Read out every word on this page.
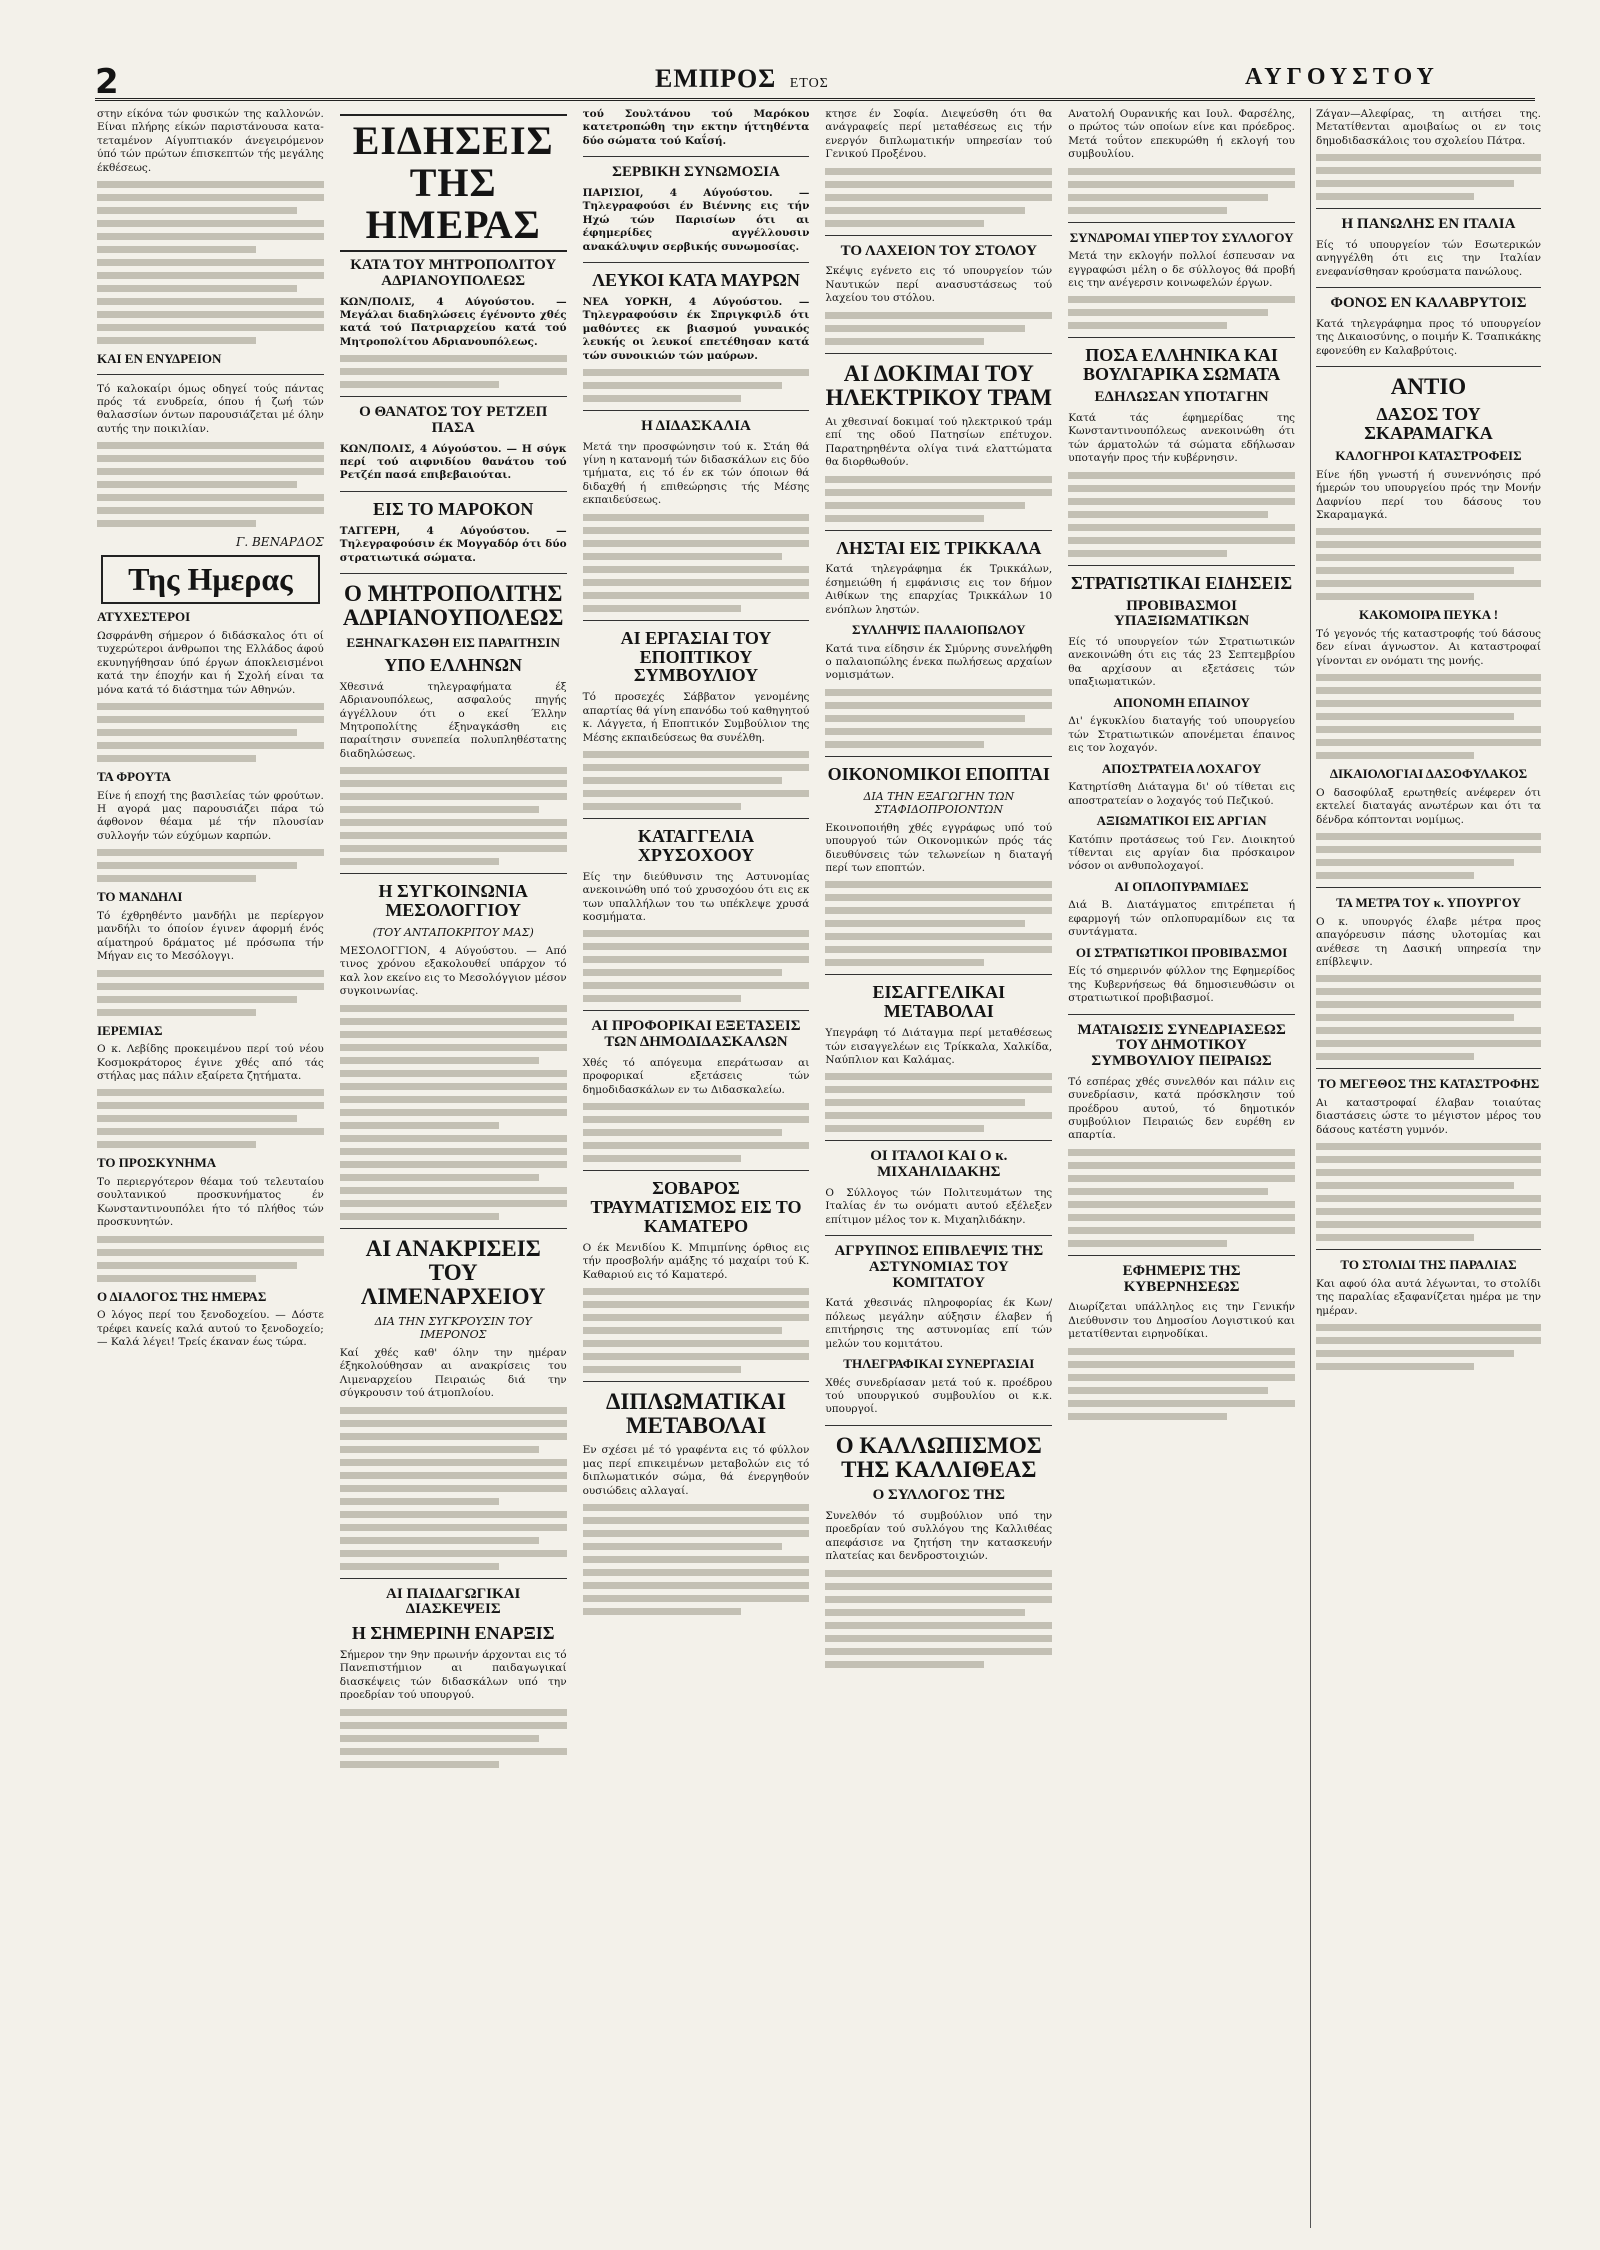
2	ΕΜΠΡΟΣ ΕΤΟΣ	ΑΥΓΟΥΣΤΟΥ

στην είκόνα τών φυσικών της καλλονών. Είναι πλήρης είκών παριστάνουσα κατα-τεταμένον Αίγυπτιακόν άνεγειρόμενον ύπό τών πρώτων έπισκεπτών τής μεγάλης έκθέσεως.

ΚΑΙ ΕΝ ΕΝΥΔΡΕΙΟΝ

Τό καλοκαίρι όμως οδηγεί τούς πάντας πρός τά ενυδρεία, όπου ή ζωή τών θαλασσίων όντων παρουσιάζεται μέ όλην αυτής την ποικιλίαν.

Γ. ΒΕΝΑΡΔΟΣ
Της Ημερας
ΑΤΥΧΕΣΤΕΡΟΙ

Ωσφράνθη σήμερον ό διδάσκαλος ότι οί τυχερώτεροι άνθρωποι της Ελλάδος άφού εκυνηγήθησαν ύπό έργων άποκλεισμένοι κατά την έποχήν και ή Σχολή είναι τα μόνα κατά τό διάστημα τών Αθηνών.

ΤΑ ΦΡΟΥΤΑ

Είνε ή εποχή της βασιλείας τών φρούτων. Η αγορά μας παρουσιάζει πάρα τώ άφθονον θέαμα μέ τήν πλουσίαν συλλογήν τών εύχύμων καρπών.

ΤΟ ΜΑΝΔΗΛΙ

Τό έχθρηθέντο μανδήλι με περίεργον μανδήλι το όποίον έγινεν άφορμή ένός αίματηρού δράματος μέ πρόσωπα τήν Μήγαν εις το Μεσόλογγι.

ΙΕΡΕΜΙΑΣ

Ο κ. Λεβίδης προκειμένου περί τού νέου Κοσμοκράτορος έγινε χθές από τάς στήλας μας πάλιν εξαίρετα ζητήματα.

ΤΟ ΠΡΟΣΚΥΝΗΜΑ

Το περιεργότερον θέαμα τού τελευταίου σουλτανικού προσκυνήματος έν Κωνσταντινουπόλει ήτο τό πλήθος τών προσκυνητών.

Ο ΔΙΑΛΟΓΟΣ ΤΗΣ ΗΜΕΡΑΣ

Ο λόγος περί του ξενοδοχείου. — Δόστε τρέφει κανείς καλά αυτού το ξενοδοχείο; — Καλά λέγει! Τρείς έκαναν έως τώρα.

ΕΙΔΗΣΕΙΣ ΤΗΣ ΗΜΕΡΑΣ
ΚΑΤΑ ΤΟΥ ΜΗΤΡΟΠΟΛΙΤΟΥ ΑΔΡΙΑΝΟΥΠΟΛΕΩΣ

ΚΩΝ/ΠΟΛΙΣ, 4 Αύγούστου. — Μεγάλαι διαδηλώσεις έγένοντο χθές κατά τού Πατριαρχείου κατά τού Μητροπολίτου Αδριανουπόλεως.

Ο ΘΑΝΑΤΟΣ ΤΟΥ ΡΕΤΖΕΠ ΠΑΣΑ

ΚΩΝ/ΠΟΛΙΣ, 4 Αύγούστου. — Η σύγκ περί τού αιφνιδίου θανάτου τού Ρετζέπ πασά επιβεβαιούται.

ΕΙΣ ΤΟ ΜΑΡΟΚΟΝ

ΤΑΓΓΕΡΗ, 4 Αύγούστου. — Τηλεγραφούσιν έκ Μογγαδόρ ότι δύο στρατιωτικά σώματα.

Ο ΜΗΤΡΟΠΟΛΙΤΗΣ ΑΔΡΙΑΝΟΥΠΟΛΕΩΣ
ΕΞΗΝΑΓΚΑΣΘΗ ΕΙΣ ΠΑΡΑΙΤΗΣΙΝ
ΥΠΟ ΕΛΛΗΝΩΝ

Χθεσινά τηλεγραφήματα έξ Αδριανουπόλεως, ασφαλούς πηγής άγγέλλουν ότι ο εκεί Έλλην Μητροπολίτης έξηναγκάσθη εις παραίτησιν συνεπεία πολυπληθέστατης διαδηλώσεως.

Η ΣΥΓΚΟΙΝΩΝΙΑ ΜΕΣΟΛΟΓΓΙΟΥ
(ΤΟΥ ΑΝΤΑΠΟΚΡΙΤΟΥ ΜΑΣ)

ΜΕΣΟΛΟΓΓΙΟΝ, 4 Αύγούστου. — Από τινος χρόνου εξακολουθεί υπάρχον τό καλ λον εκείνο εις το Μεσολόγγιον μέσον συγκοινωνίας.

ΑΙ ΑΝΑΚΡΙΣΕΙΣ ΤΟΥ ΛΙΜΕΝΑΡΧΕΙΟΥ
ΔΙΑ ΤΗΝ ΣΥΓΚΡΟΥΣΙΝ ΤΟΥ ΙΜΕΡΟΝΟΣ

Καί χθές καθ' όλην την ημέραν έξηκολούθησαν αι ανακρίσεις του Λιμεναρχείου Πειραιώς διά την σύγκρουσιν τού άτμοπλοίου.

ΑΙ ΠΑΙΔΑΓΩΓΙΚΑΙ ΔΙΑΣΚΕΨΕΙΣ
Η ΣΗΜΕΡΙΝΗ ΕΝΑΡΞΙΣ

Σήμερον την 9ην πρωινήν άρχονται εις τό Πανεπιστήμιον αι παιδαγωγικαί διασκέψεις τών διδασκάλων υπό την προεδρίαν τού υπουργού.

τού Σουλτάνου τού Μαρόκου κατετροπώθη την εκτην ήττηθέντα δύο σώματα τού Καΐσή.

ΣΕΡΒΙΚΗ ΣΥΝΩΜΟΣΙΑ

ΠΑΡΙΣΙΟΙ, 4 Αύγούστου. — Τηλεγραφούσι έν Βιέννης εις τήν Ηχώ τών Παρισίων ότι αι έφημερίδες αγγέλλουσιν ανακάλυψιν σερβικής συνωμοσίας.

ΛΕΥΚΟΙ ΚΑΤΑ ΜΑΥΡΩΝ

ΝΕΑ ΥΟΡΚΗ, 4 Αύγούστου. — Τηλεγραφούσιν έκ Σπριγκφιλδ ότι μαθόντες εκ βιασμού γυναικός λευκής οι λευκοί επετέθησαν κατά τών συνοικιών τών μαύρων.

Η ΔΙΔΑΣΚΑΛΙΑ

Μετά την προσφώνησιν τού κ. Στάη θά γίνη η κατανομή τών διδασκάλων εις δύο τμήματα, εις τό έν εκ τών όποιων θά διδαχθή ή επιθεώρησις τής Μέσης εκπαιδεύσεως.

ΑΙ ΕΡΓΑΣΙΑΙ ΤΟΥ ΕΠΟΠΤΙΚΟΥ ΣΥΜΒΟΥΛΙΟΥ

Τό προσεχές Σάββατον γενομένης απαρτίας θά γίνη επανόδω τού καθηγητού κ. Λάγγετα, ή Εποπτικόν Συμβούλιον της Μέσης εκπαιδεύσεως θα συνέλθη.

ΚΑΤΑΓΓΕΛΙΑ ΧΡΥΣΟΧΟΟΥ

Είς την διεύθυνσιν της Αστυνομίας ανεκοινώθη υπό τού χρυσοχόου ότι εις εκ των υπαλλήλων του τω υπέκλεψε χρυσά κοσμήματα.

ΑΙ ΠΡΟΦΟΡΙΚΑΙ ΕΞΕΤΑΣΕΙΣ ΤΩΝ ΔΗΜΟΔΙΔΑΣΚΑΛΩΝ

Χθές τό απόγευμα επεράτωσαν αι προφορικαί εξετάσεις τών δημοδιδασκάλων εν τω Διδασκαλείω.

ΣΟΒΑΡΟΣ ΤΡΑΥΜΑΤΙΣΜΟΣ ΕΙΣ ΤΟ ΚΑΜΑΤΕΡΟ

Ο έκ Μενιδίου Κ. Μπιμπίνης όρθιος εις τήν προσβολήν αμάξης τό μαχαίρι τού Κ. Καθαριού εις τό Καματερό.

ΔΙΠΛΩΜΑΤΙΚΑΙ ΜΕΤΑΒΟΛΑΙ

Εν σχέσει μέ τό γραφέντα εις τό φύλλον μας περί επικειμένων μεταβολών εις τό διπλωματικόν σώμα, θά ένεργηθούν ουσιώδεις αλλαγαί.

κτησε έν Σοφία. Διεψεύσθη ότι θα ανάγραφείς περί μεταθέσεως εις τήν ενεργόν διπλωματικήν υπηρεσίαν τού Γενικού Προξένου.

ΤΟ ΛΑΧΕΙΟΝ ΤΟΥ ΣΤΟΛΟΥ

Σκέψις εγένετο εις τό υπουργείον τών Ναυτικών περί ανασυστάσεως τού λαχείου του στόλου.

ΑΙ ΔΟΚΙΜΑΙ ΤΟΥ ΗΛΕΚΤΡΙΚΟΥ ΤΡΑΜ

Αι χθεσιναί δοκιμαί τού ηλεκτρικού τράμ επί της οδού Πατησίων επέτυχον. Παρατηρηθέντα ολίγα τινά ελαττώματα θα διορθωθούν.

ΛΗΣΤΑΙ ΕΙΣ ΤΡΙΚΚΑΛΑ

Κατά τηλεγράφημα έκ Τρικκάλων, έσημειώθη ή εμφάνισις εις τον δήμον Αιθίκων της επαρχίας Τρικκάλων 10 ενόπλων ληστών.

ΣΥΛΛΗΨΙΣ ΠΑΛΑΙΟΠΩΛΟΥ

Κατά τινα είδησιν έκ Σμύρνης συνελήφθη ο παλαιοπώλης ένεκα πωλήσεως αρχαίων νομισμάτων.

ΟΙΚΟΝΟΜΙΚΟΙ ΕΠΟΠΤΑΙ
ΔΙΑ ΤΗΝ ΕΞΑΓΩΓΗΝ ΤΩΝ ΣΤΑΦΙΔΟΠΡΟΙΟΝΤΩΝ

Εκοινοποιήθη χθές εγγράφως υπό τού υπουργού τών Οικονομικών πρός τάς διευθύνσεις τών τελωνείων η διαταγή περί των εποπτών.

ΕΙΣΑΓΓΕΛΙΚΑΙ ΜΕΤΑΒΟΛΑΙ

Υπεγράφη τό Διάταγμα περί μεταθέσεως τών εισαγγελέων εις Τρίκκαλα, Χαλκίδα, Ναύπλιον και Καλάμας.

ΟΙ ΙΤΑΛΟΙ ΚΑΙ Ο κ. ΜΙΧΑΗΛΙΔΑΚΗΣ

Ο Σύλλογος τών Πολιτευμάτων της Ιταλίας έν τω ονόματι αυτού εξέλεξεν επίτιμον μέλος τον κ. Μιχαηλιδάκην.

ΑΓΡΥΠΝΟΣ ΕΠΙΒΛΕΨΙΣ ΤΗΣ ΑΣΤΥΝΟΜΙΑΣ ΤΟΥ ΚΟΜΙΤΑΤΟΥ

Κατά χθεσινάς πληροφορίας έκ Κων/πόλεως μεγάλην αύξησιν έλαβεν ή επιτήρησις της αστυνομίας επί τών μελών του κομιτάτου.

ΤΗΛΕΓΡΑΦΙΚΑΙ ΣΥΝΕΡΓΑΣΙΑΙ

Χθές συνεδρίασαν μετά τού κ. προέδρου τού υπουργικού συμβουλίου οι κ.κ. υπουργοί.

Ο ΚΑΛΛΩΠΙΣΜΟΣ ΤΗΣ ΚΑΛΛΙΘΕΑΣ
Ο ΣΥΛΛΟΓΟΣ ΤΗΣ

Συνελθόν τό συμβούλιον υπό την προεδρίαν τού συλλόγου της Καλλιθέας απεφάσισε να ζητήση την κατασκευήν πλατείας και δενδροστοιχιών.

Ανατολή Ουρανικής και Ιουλ. Φαρσέλης, ο πρώτος τών οποίων είνε και πρόεδρος. Μετά τοΰτον επεκυρώθη ή εκλογή του συμβουλίου.

ΣΥΝΔΡΟΜΑΙ ΥΠΕΡ ΤΟΥ ΣΥΛΛΟΓΟΥ

Μετά την εκλογήν πολλοί έσπευσαν να εγγραφώσι μέλη ο δε σύλλογος θά προβή εις την ανέγερσιν κοινωφελών έργων.

ΠΟΣΑ ΕΛΛΗΝΙΚΑ ΚΑΙ ΒΟΥΛΓΑΡΙΚΑ ΣΩΜΑΤΑ
ΕΔΗΛΩΣΑΝ ΥΠΟΤΑΓΗΝ

Κατά τάς έφημερίδας της Κωνσταντινουπόλεως ανεκοινώθη ότι τών άρματολών τά σώματα εδήλωσαν υποταγήν προς τήν κυβέρνησιν.

ΣΤΡΑΤΙΩΤΙΚΑΙ ΕΙΔΗΣΕΙΣ
ΠΡΟΒΙΒΑΣΜΟΙ ΥΠΑΞΙΩΜΑΤΙΚΩΝ

Είς τό υπουργείον τών Στρατιωτικών ανεκοινώθη ότι εις τάς 23 Σεπτεμβρίου θα αρχίσουν αι εξετάσεις τών υπαξιωματικών.

ΑΠΟΝΟΜΗ ΕΠΑΙΝΟΥ

Δι' έγκυκλίου διαταγής τού υπουργείου τών Στρατιωτικών απονέμεται έπαινος εις τον λοχαγόν.

ΑΠΟΣΤΡΑΤΕΙΑ ΛΟΧΑΓΟΥ

Κατηρτίσθη Διάταγμα δι' ού τίθεται εις αποστρατείαν ο λοχαγός τού Πεζικού.

ΑΞΙΩΜΑΤΙΚΟΙ ΕΙΣ ΑΡΓΙΑΝ

Κατόπιν προτάσεως τού Γεν. Διοικητού τίθενται εις αργίαν δια πρόσκαιρον νόσον οι ανθυπολοχαγοί.

ΑΙ ΟΠΛΟΠΥΡΑΜΙΔΕΣ

Διά Β. Διατάγματος επιτρέπεται ή εφαρμογή τών οπλοπυραμίδων εις τα συντάγματα.

ΟΙ ΣΤΡΑΤΙΩΤΙΚΟΙ ΠΡΟΒΙΒΑΣΜΟΙ

Είς τό σημερινόν φύλλον της Εφημερίδος της Κυβερνήσεως θά δημοσιευθώσιν οι στρατιωτικοί προβιβασμοί.

ΜΑΤΑΙΩΣΙΣ ΣΥΝΕΔΡΙΑΣΕΩΣ ΤΟΥ ΔΗΜΟΤΙΚΟΥ ΣΥΜΒΟΥΛΙΟΥ ΠΕΙΡΑΙΩΣ

Τό εσπέρας χθές συνελθόν και πάλιν εις συνεδρίασιν, κατά πρόσκλησιν τού προέδρου αυτού, τό δημοτικόν συμβούλιον Πειραιώς δεν ευρέθη εν απαρτία.

ΕΦΗΜΕΡΙΣ ΤΗΣ ΚΥΒΕΡΝΗΣΕΩΣ

Διωρίζεται υπάλληλος εις την Γενικήν Διεύθυνσιν του Δημοσίου Λογιστικού και μετατίθενται ειρηνοδίκαι.

Ζάγαν—Αλεφίρας, τη αιτήσει της. Μετατίθενται αμοιβαίως οι εν τοις δημοδιδασκάλοις του σχολείου Πάτρα.

Η ΠΑΝΩΛΗΣ ΕΝ ΙΤΑΛΙΑ

Είς τό υπουργείον τών Εσωτερικών ανηγγέλθη ότι εις την Ιταλίαν ενεφανίσθησαν κρούσματα πανώλους.

ΦΟΝΟΣ ΕΝ ΚΑΛΑΒΡΥΤΟΙΣ

Κατά τηλεγράφημα προς τό υπουργείον της Δικαιοσύνης, ο ποιμήν Κ. Τσαπικάκης εφονεύθη εν Καλαβρύτοις.

ΑΝΤΙΟ
ΔΑΣΟΣ ΤΟΥ ΣΚΑΡΑΜΑΓΚΑ
ΚΑΛΟΓΗΡΟΙ ΚΑΤΑΣΤΡΟΦΕΙΣ

Είνε ήδη γνωστή ή συνεννόησις πρό ήμερών του υπουργείου πρός την Μονήν Δαφνίου περί του δάσους του Σκαραμαγκά.

ΚΑΚΟΜΟΙΡΑ ΠΕΥΚΑ !

Τό γεγονός τής καταστροφής τού δάσους δεν είναι άγνωστον. Αι καταστροφαί γίνονται εν ονόματι της μονής.

ΔΙΚΑΙΟΛΟΓΙΑΙ ΔΑΣΟΦΥΛΑΚΟΣ

Ο δασοφύλαξ ερωτηθείς ανέφερεν ότι εκτελεί διαταγάς ανωτέρων και ότι τα δένδρα κόπτονται νομίμως.

ΤΑ ΜΕΤΡΑ ΤΟΥ κ. ΥΠΟΥΡΓΟΥ

Ο κ. υπουργός έλαβε μέτρα προς απαγόρευσιν πάσης υλοτομίας και ανέθεσε τη Δασική υπηρεσία την επίβλεψιν.

ΤΟ ΜΕΓΕΘΟΣ ΤΗΣ ΚΑΤΑΣΤΡΟΦΗΣ

Αι καταστροφαί έλαβαν τοιαύτας διαστάσεις ώστε το μέγιστον μέρος του δάσους κατέστη γυμνόν.

ΤΟ ΣΤΟΛΙΔΙ ΤΗΣ ΠΑΡΑΛΙΑΣ

Και αφού όλα αυτά λέγωνται, το στολίδι της παραλίας εξαφανίζεται ημέρα με την ημέραν.
